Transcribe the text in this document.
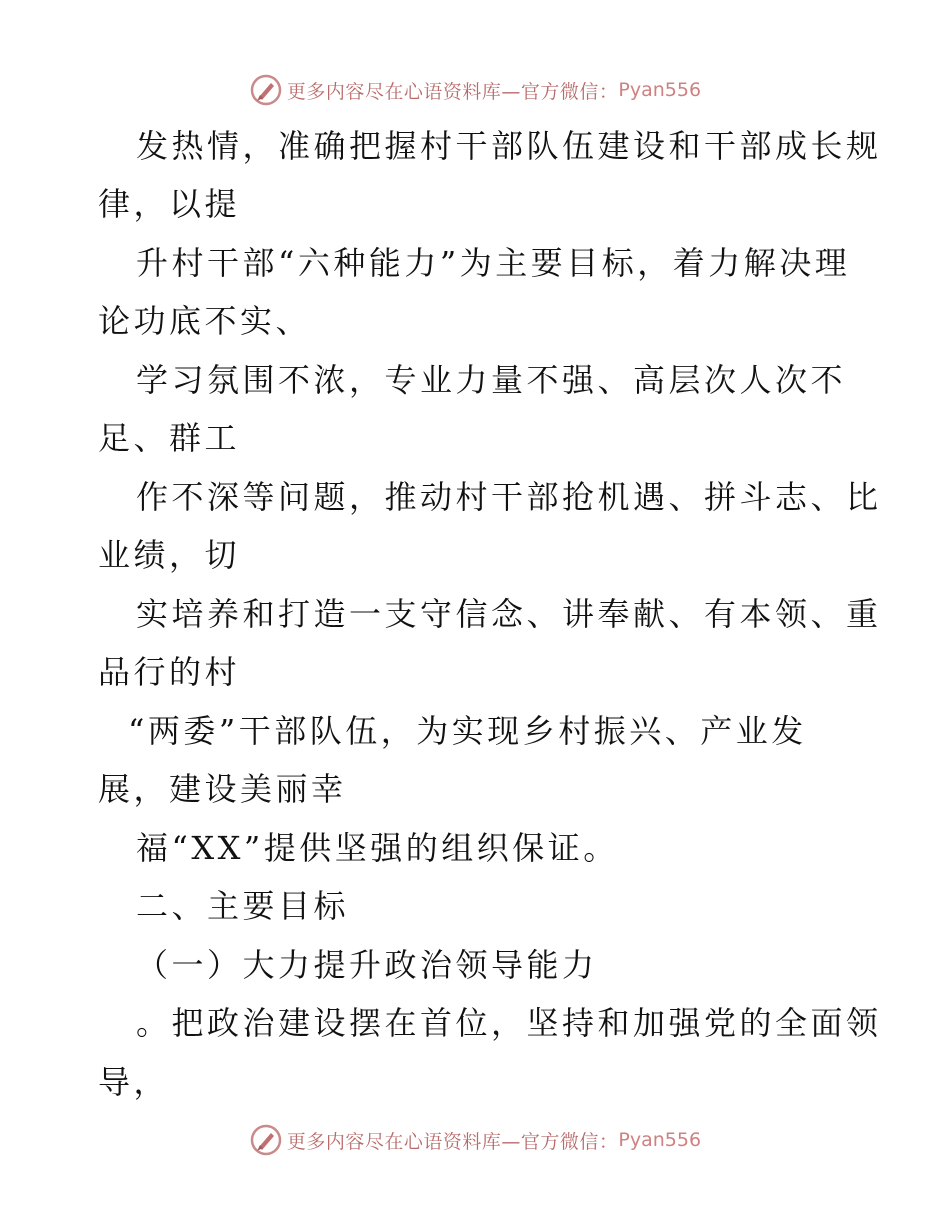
更多内容尽在心语资料库—官方微信： Pyan556
发热情，准确把握村干部队伍建设和干部成长规
律，以提
升村干部“六种能力”为主要目标，着力解决理
论功底不实、
学习氛围不浓，专业力量不强、高层次人次不
足、群工
作不深等问题，推动村干部抢机遇、拼斗志、比
业绩，切
实培养和打造一支守信念、讲奉献、有本领、重
品行的村
“两委”干部队伍，为实现乡村振兴、产业发
展，建设美丽幸
福“XX”提供坚强的组织保证。
二、主要目标
（一）大力提升政治领导能力
。把政治建设摆在首位，坚持和加强党的全面领
导，
更多内容尽在心语资料库—官方微信： Pyan556
